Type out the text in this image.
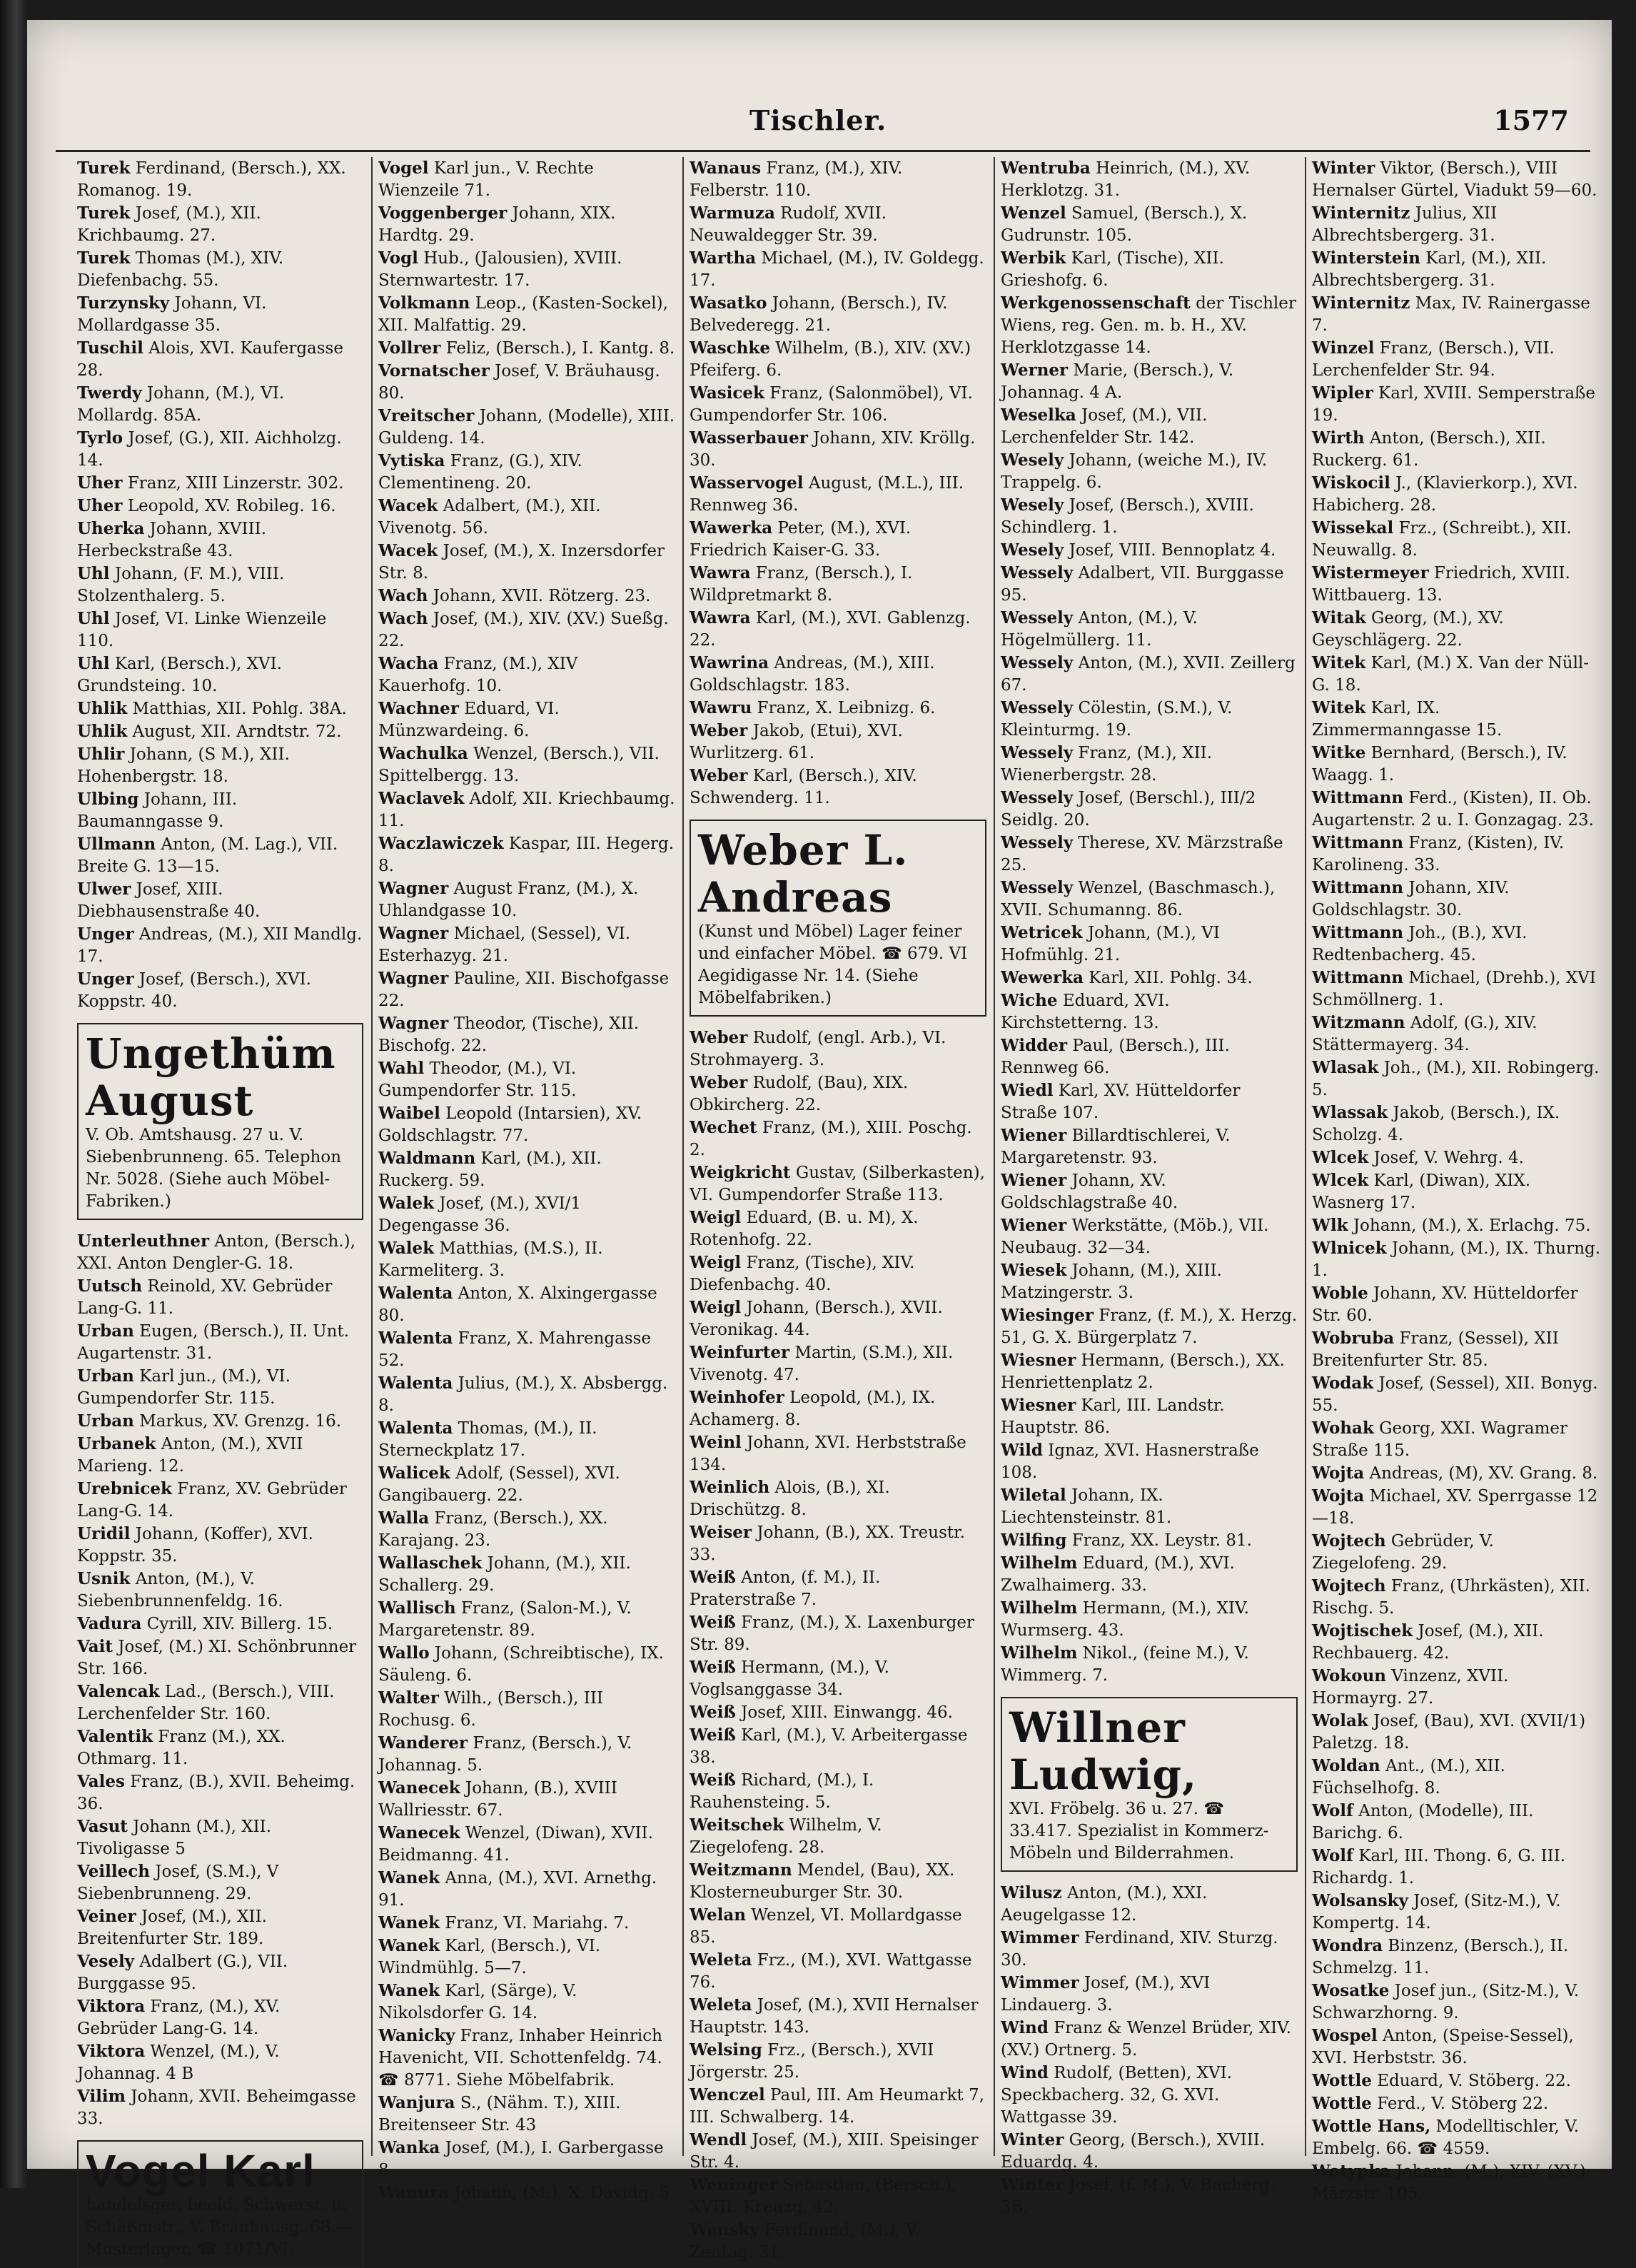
Tischler.	1577

Turek Ferdinand, (Bersch.), XX. Romanog. 19.

Turek Josef, (M.), XII. Krichbaumg. 27.

Turek Thomas (M.), XIV. Diefenbachg. 55.

Turzynsky Johann, VI. Mollardgasse 35.

Tuschil Alois, XVI. Kaufergasse 28.

Twerdy Johann, (M.), VI. Mollardg. 85A.

Tyrlo Josef, (G.), XII. Aichholzg. 14.

Uher Franz, XIII Linzerstr. 302.

Uher Leopold, XV. Robileg. 16.

Uherka Johann, XVIII. Herbeckstraße 43.

Uhl Johann, (F. M.), VIII. Stolzenthalerg. 5.

Uhl Josef, VI. Linke Wienzeile 110.

Uhl Karl, (Bersch.), XVI. Grundsteing. 10.

Uhlik Matthias, XII. Pohlg. 38A.

Uhlik August, XII. Arndtstr. 72.

Uhlir Johann, (S M.), XII. Hohenbergstr. 18.

Ulbing Johann, III. Baumanngasse 9.

Ullmann Anton, (M. Lag.), VII. Breite G. 13—15.

Ulwer Josef, XIII. Diebhausenstraße 40.

Unger Andreas, (M.), XII Mandlg. 17.

Unger Josef, (Bersch.), XVI. Koppstr. 40.

Ungethüm August
V. Ob. Amtshausg. 27 u. V. Siebenbrunneng. 65. Telephon Nr. 5028. (Siehe auch Möbel-Fabriken.)

Unterleuthner Anton, (Bersch.), XXI. Anton Dengler-G. 18.

Uutsch Reinold, XV. Gebrüder Lang-G. 11.

Urban Eugen, (Bersch.), II. Unt. Augartenstr. 31.

Urban Karl jun., (M.), VI. Gumpendorfer Str. 115.

Urban Markus, XV. Grenzg. 16.

Urbanek Anton, (M.), XVII Marieng. 12.

Urebnicek Franz, XV. Gebrüder Lang-G. 14.

Uridil Johann, (Koffer), XVI. Koppstr. 35.

Usnik Anton, (M.), V. Siebenbrunnenfeldg. 16.

Vadura Cyrill, XIV. Billerg. 15.

Vait Josef, (M.) XI. Schönbrunner Str. 166.

Valencak Lad., (Bersch.), VIII. Lerchenfelder Str. 160.

Valentik Franz (M.), XX. Othmarg. 11.

Vales Franz, (B.), XVII. Beheimg. 36.

Vasut Johann (M.), XII. Tivoligasse 5

Veillech Josef, (S.M.), V Siebenbrunneng. 29.

Veiner Josef, (M.), XII. Breitenfurter Str. 189.

Vesely Adalbert (G.), VII. Burggasse 95.

Viktora Franz, (M.), XV. Gebrüder Lang-G. 14.

Viktora Wenzel, (M.), V. Johannag. 4 B

Vilim Johann, XVII. Beheimgasse 33.

Vogel Karl
handelsger. beeid. Schwerst. u. Schäßmstr., V. Bräuhausg. 68.— Musterlager. ☎ 1071/VI.

Vogel Karl jun., V. Rechte Wienzeile 71.

Voggenberger Johann, XIX. Hardtg. 29.

Vogl Hub., (Jalousien), XVIII. Sternwartestr. 17.

Volkmann Leop., (Kasten-Sockel), XII. Malfattig. 29.

Vollrer Feliz, (Bersch.), I. Kantg. 8.

Vornatscher Josef, V. Bräuhausg. 80.

Vreitscher Johann, (Modelle), XIII. Guldeng. 14.

Vytiska Franz, (G.), XIV. Clementineng. 20.

Wacek Adalbert, (M.), XII. Vivenotg. 56.

Wacek Josef, (M.), X. Inzersdorfer Str. 8.

Wach Johann, XVII. Rötzerg. 23.

Wach Josef, (M.), XIV. (XV.) Sueßg. 22.

Wacha Franz, (M.), XIV Kauerhofg. 10.

Wachner Eduard, VI. Münzwardeing. 6.

Wachulka Wenzel, (Bersch.), VII. Spittelbergg. 13.

Waclavek Adolf, XII. Kriechbaumg. 11.

Waczlawiczek Kaspar, III. Hegerg. 8.

Wagner August Franz, (M.), X. Uhlandgasse 10.

Wagner Michael, (Sessel), VI. Esterhazyg. 21.

Wagner Pauline, XII. Bischofgasse 22.

Wagner Theodor, (Tische), XII. Bischofg. 22.

Wahl Theodor, (M.), VI. Gumpendorfer Str. 115.

Waibel Leopold (Intarsien), XV. Goldschlagstr. 77.

Waldmann Karl, (M.), XII. Ruckerg. 59.

Walek Josef, (M.), XVI/1 Degengasse 36.

Walek Matthias, (M.S.), II. Karmeliterg. 3.

Walenta Anton, X. Alxingergasse 80.

Walenta Franz, X. Mahrengasse 52.

Walenta Julius, (M.), X. Absbergg. 8.

Walenta Thomas, (M.), II. Sterneckplatz 17.

Walicek Adolf, (Sessel), XVI. Gangibauerg. 22.

Walla Franz, (Bersch.), XX. Karajang. 23.

Wallaschek Johann, (M.), XII. Schallerg. 29.

Wallisch Franz, (Salon-M.), V. Margaretenstr. 89.

Wallo Johann, (Schreibtische), IX. Säuleng. 6.

Walter Wilh., (Bersch.), III Rochusg. 6.

Wanderer Franz, (Bersch.), V. Johannag. 5.

Wanecek Johann, (B.), XVIII Wallriesstr. 67.

Wanecek Wenzel, (Diwan), XVII. Beidmanng. 41.

Wanek Anna, (M.), XVI. Arnethg. 91.

Wanek Franz, VI. Mariahg. 7.

Wanek Karl, (Bersch.), VI. Windmühlg. 5—7.

Wanek Karl, (Särge), V. Nikolsdorfer G. 14.

Wanicky Franz, Inhaber Heinrich Havenicht, VII. Schottenfeldg. 74. ☎ 8771. Siehe Möbelfabrik.

Wanjura S., (Nähm. T.), XIII. Breitenseer Str. 43

Wanka Josef, (M.), I. Garbergasse 8

Wanura Johann, (M.), X. Davidg. 5.

Wanaus Franz, (M.), XIV. Felberstr. 110.

Warmuza Rudolf, XVII. Neuwaldegger Str. 39.

Wartha Michael, (M.), IV. Goldegg. 17.

Wasatko Johann, (Bersch.), IV. Belvederegg. 21.

Waschke Wilhelm, (B.), XIV. (XV.) Pfeiferg. 6.

Wasicek Franz, (Salonmöbel), VI. Gumpendorfer Str. 106.

Wasserbauer Johann, XIV. Kröllg. 30.

Wasservogel August, (M.L.), III. Rennweg 36.

Wawerka Peter, (M.), XVI. Friedrich Kaiser-G. 33.

Wawra Franz, (Bersch.), I. Wildpretmarkt 8.

Wawra Karl, (M.), XVI. Gablenzg. 22.

Wawrina Andreas, (M.), XIII. Goldschlagstr. 183.

Wawru Franz, X. Leibnizg. 6.

Weber Jakob, (Etui), XVI. Wurlitzerg. 61.

Weber Karl, (Bersch.), XIV. Schwenderg. 11.

Weber L. Andreas
(Kunst und Möbel) Lager feiner und einfacher Möbel. ☎ 679. VI Aegidigasse Nr. 14. (Siehe Möbelfabriken.)

Weber Rudolf, (engl. Arb.), VI. Strohmayerg. 3.

Weber Rudolf, (Bau), XIX. Obkircherg. 22.

Wechet Franz, (M.), XIII. Poschg. 2.

Weigkricht Gustav, (Silberkasten), VI. Gumpendorfer Straße 113.

Weigl Eduard, (B. u. M), X. Rotenhofg. 22.

Weigl Franz, (Tische), XIV. Diefenbachg. 40.

Weigl Johann, (Bersch.), XVII. Veronikag. 44.

Weinfurter Martin, (S.M.), XII. Vivenotg. 47.

Weinhofer Leopold, (M.), IX. Achamerg. 8.

Weinl Johann, XVI. Herbststraße 134.

Weinlich Alois, (B.), XI. Drischützg. 8.

Weiser Johann, (B.), XX. Treustr. 33.

Weiß Anton, (f. M.), II. Praterstraße 7.

Weiß Franz, (M.), X. Laxenburger Str. 89.

Weiß Hermann, (M.), V. Voglsanggasse 34.

Weiß Josef, XIII. Einwangg. 46.

Weiß Karl, (M.), V. Arbeitergasse 38.

Weiß Richard, (M.), I. Rauhensteing. 5.

Weitschek Wilhelm, V. Ziegelofeng. 28.

Weitzmann Mendel, (Bau), XX. Klosterneuburger Str. 30.

Welan Wenzel, VI. Mollardgasse 85.

Weleta Frz., (M.), XVI. Wattgasse 76.

Weleta Josef, (M.), XVII Hernalser Hauptstr. 143.

Welsing Frz., (Bersch.), XVII Jörgerstr. 25.

Wenczel Paul, III. Am Heumarkt 7, III. Schwalberg. 14.

Wendl Josef, (M.), XIII. Speisinger Str. 4.

Weninger Sebastian, (Bersch.), XVIII. Kreuzg. 42.

Wensky Ferdinand, (M.), V. Zentag. 31.

Wentruba Heinrich, (M.), XV. Herklotzg. 31.

Wenzel Samuel, (Bersch.), X. Gudrunstr. 105.

Werbik Karl, (Tische), XII. Grieshofg. 6.

Werkgenossenschaft der Tischler Wiens, reg. Gen. m. b. H., XV. Herklotzgasse 14.

Werner Marie, (Bersch.), V. Johannag. 4 A.

Weselka Josef, (M.), VII. Lerchenfelder Str. 142.

Wesely Johann, (weiche M.), IV. Trappelg. 6.

Wesely Josef, (Bersch.), XVIII. Schindlerg. 1.

Wesely Josef, VIII. Bennoplatz 4.

Wessely Adalbert, VII. Burggasse 95.

Wessely Anton, (M.), V. Högelmüllerg. 11.

Wessely Anton, (M.), XVII. Zeillerg 67.

Wessely Cölestin, (S.M.), V. Kleinturmg. 19.

Wessely Franz, (M.), XII. Wienerbergstr. 28.

Wessely Josef, (Berschl.), III/2 Seidlg. 20.

Wessely Therese, XV. Märzstraße 25.

Wessely Wenzel, (Baschmasch.), XVII. Schumanng. 86.

Wetricek Johann, (M.), VI Hofmühlg. 21.

Wewerka Karl, XII. Pohlg. 34.

Wiche Eduard, XVI. Kirchstetterng. 13.

Widder Paul, (Bersch.), III. Rennweg 66.

Wiedl Karl, XV. Hütteldorfer Straße 107.

Wiener Billardtischlerei, V. Margaretenstr. 93.

Wiener Johann, XV. Goldschlagstraße 40.

Wiener Werkstätte, (Möb.), VII. Neubaug. 32—34.

Wiesek Johann, (M.), XIII. Matzingerstr. 3.

Wiesinger Franz, (f. M.), X. Herzg. 51, G. X. Bürgerplatz 7.

Wiesner Hermann, (Bersch.), XX. Henriettenplatz 2.

Wiesner Karl, III. Landstr. Hauptstr. 86.

Wild Ignaz, XVI. Hasnerstraße 108.

Wiletal Johann, IX. Liechtensteinstr. 81.

Wilfing Franz, XX. Leystr. 81.

Wilhelm Eduard, (M.), XVI. Zwalhaimerg. 33.

Wilhelm Hermann, (M.), XIV. Wurmserg. 43.

Wilhelm Nikol., (feine M.), V. Wimmerg. 7.

Willner Ludwig,
XVI. Fröbelg. 36 u. 27. ☎ 33.417. Spezialist in Kommerz-Möbeln und Bilderrahmen.

Wilusz Anton, (M.), XXI. Aeugelgasse 12.

Wimmer Ferdinand, XIV. Sturzg. 30.

Wimmer Josef, (M.), XVI Lindauerg. 3.

Wind Franz & Wenzel Brüder, XIV. (XV.) Ortnerg. 5.

Wind Rudolf, (Betten), XVI. Speckbacherg. 32, G. XVI. Wattgasse 39.

Winter Georg, (Bersch.), XVIII. Eduardg. 4.

Winter Josef, (f. M.), V. Bacherg. 3B.

Winter Viktor, (Bersch.), VIII Hernalser Gürtel, Viadukt 59—60.

Winternitz Julius, XII Albrechtsbergerg. 31.

Winterstein Karl, (M.), XII. Albrechtsbergerg. 31.

Winternitz Max, IV. Rainergasse 7.

Winzel Franz, (Bersch.), VII. Lerchenfelder Str. 94.

Wipler Karl, XVIII. Semperstraße 19.

Wirth Anton, (Bersch.), XII. Ruckerg. 61.

Wiskocil J., (Klavierkorp.), XVI. Habicherg. 28.

Wissekal Frz., (Schreibt.), XII. Neuwallg. 8.

Wistermeyer Friedrich, XVIII. Wittbauerg. 13.

Witak Georg, (M.), XV. Geyschlägerg. 22.

Witek Karl, (M.) X. Van der Nüll-G. 18.

Witek Karl, IX. Zimmermanngasse 15.

Witke Bernhard, (Bersch.), IV. Waagg. 1.

Wittmann Ferd., (Kisten), II. Ob. Augartenstr. 2 u. I. Gonzagag. 23.

Wittmann Franz, (Kisten), IV. Karolineng. 33.

Wittmann Johann, XIV. Goldschlagstr. 30.

Wittmann Joh., (B.), XVI. Redtenbacherg. 45.

Wittmann Michael, (Drehb.), XVI Schmöllnerg. 1.

Witzmann Adolf, (G.), XIV. Stättermayerg. 34.

Wlasak Joh., (M.), XII. Robingerg. 5.

Wlassak Jakob, (Bersch.), IX. Scholzg. 4.

Wlcek Josef, V. Wehrg. 4.

Wlcek Karl, (Diwan), XIX. Wasnerg 17.

Wlk Johann, (M.), X. Erlachg. 75.

Wlnicek Johann, (M.), IX. Thurng. 1.

Woble Johann, XV. Hütteldorfer Str. 60.

Wobruba Franz, (Sessel), XII Breitenfurter Str. 85.

Wodak Josef, (Sessel), XII. Bonyg. 55.

Wohak Georg, XXI. Wagramer Straße 115.

Wojta Andreas, (M), XV. Grang. 8.

Wojta Michael, XV. Sperrgasse 12—18.

Wojtech Gebrüder, V. Ziegelofeng. 29.

Wojtech Franz, (Uhrkästen), XII. Rischg. 5.

Wojtischek Josef, (M.), XII. Rechbauerg. 42.

Wokoun Vinzenz, XVII. Hormayrg. 27.

Wolak Josef, (Bau), XVI. (XVII/1) Paletzg. 18.

Woldan Ant., (M.), XII. Füchselhofg. 8.

Wolf Anton, (Modelle), III. Barichg. 6.

Wolf Karl, III. Thong. 6, G. III. Richardg. 1.

Wolsansky Josef, (Sitz-M.), V. Kompertg. 14.

Wondra Binzenz, (Bersch.), II. Schmelzg. 11.

Wosatke Josef jun., (Sitz-M.), V. Schwarzhorng. 9.

Wospel Anton, (Speise-Sessel), XVI. Herbststr. 36.

Wottle Eduard, V. Stöberg. 22.

Wottle Ferd., V. Stöberg 22.

Wottle Hans, Modelltischler, V. Embelg. 66. ☎ 4559.

Wotypka Johann, (M.), XIV. (XV.) Märzstr. 105.
